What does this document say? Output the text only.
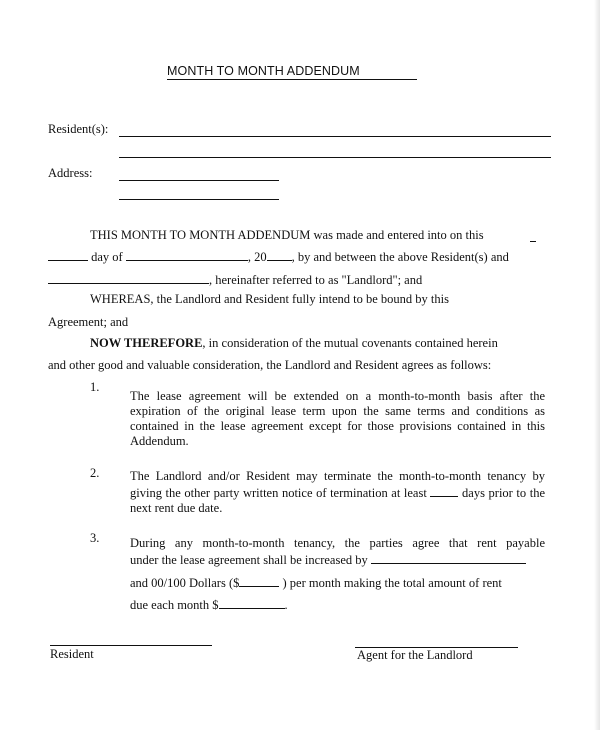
MONTH TO MONTH ADDENDUM
Resident(s):
Address:
THIS MONTH TO MONTH ADDENDUM was made and entered into on this
day of	, 20 , by and between the above Resident(s) and
, hereinafter referred to as "Landlord"; and
WHEREAS, the Landlord and Resident fully intend to be bound by this
Agreement; and
NOW THEREFORE, in consideration of the mutual covenants contained herein
and other good and valuable consideration, the Landlord and Resident agrees as follows:
1.
The lease agreement will be extended on a month-to-month basis after the expiration of the original lease term upon the same terms and conditions as contained in the lease agreement except for those provisions contained in this Addendum.
2. The Landlord and/or Resident may terminate the month-to-month tenancy by giving the other party written notice of termination at least	days prior to the next rent due date.
3. During any month-to-month tenancy, the parties agree that rent payable
under the lease agreement shall be increased by
and 00/100 Dollars ($	) per month making the total amount of rent
due each month $	.
Resident	Agent for the Landlord
